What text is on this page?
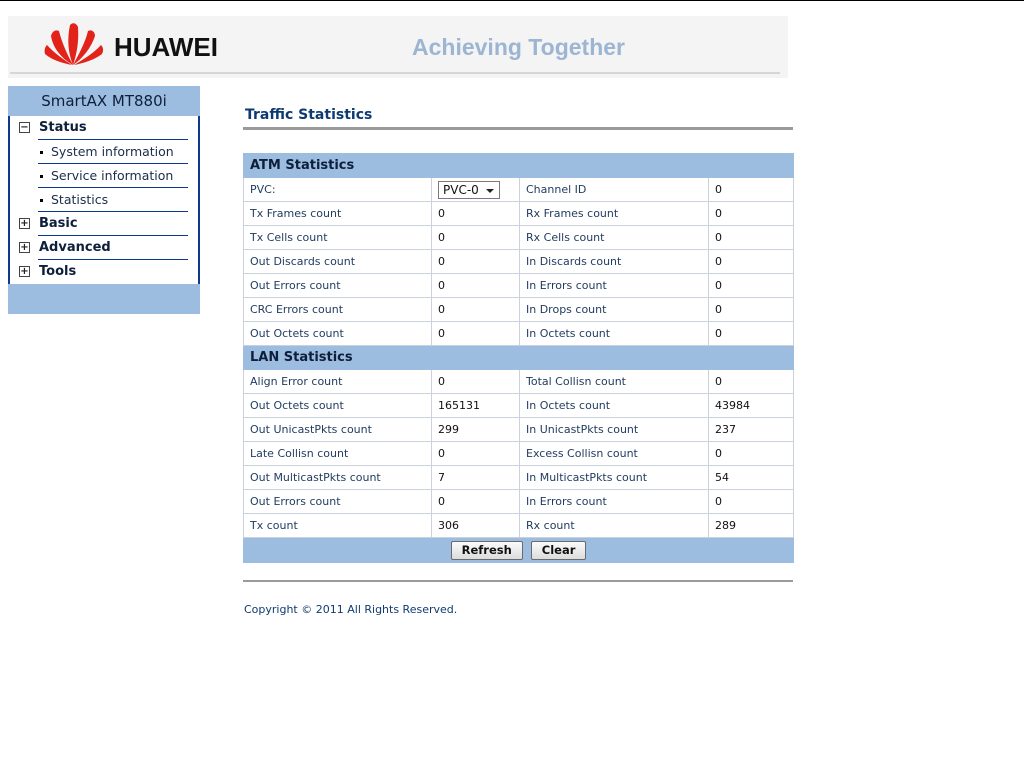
HUAWEI	Achieving Together
SmartAX MT880i
− Status
System information
Service information
Statistics
+ Basic
+ Advanced
+ Tools
Traffic Statistics
ATM Statistics			
PVC:	PVC-0	Channel ID	0
Tx Frames count	0	Rx Frames count	0
Tx Cells count	0	Rx Cells count	0
Out Discards count	0	In Discards count	0
Out Errors count	0	In Errors count	0
CRC Errors count	0	In Drops count	0
Out Octets count	0	In Octets count	0
LAN Statistics			
Align Error count	0	Total Collisn count	0
Out Octets count	165131	In Octets count	43984
Out UnicastPkts count	299	In UnicastPkts count	237
Late Collisn count	0	Excess Collisn count	0
Out MulticastPkts count	7	In MulticastPkts count	54
Out Errors count	0	In Errors count	0
Tx count	306	Rx count	289
Refresh Clear			
Copyright © 2011 All Rights Reserved.
